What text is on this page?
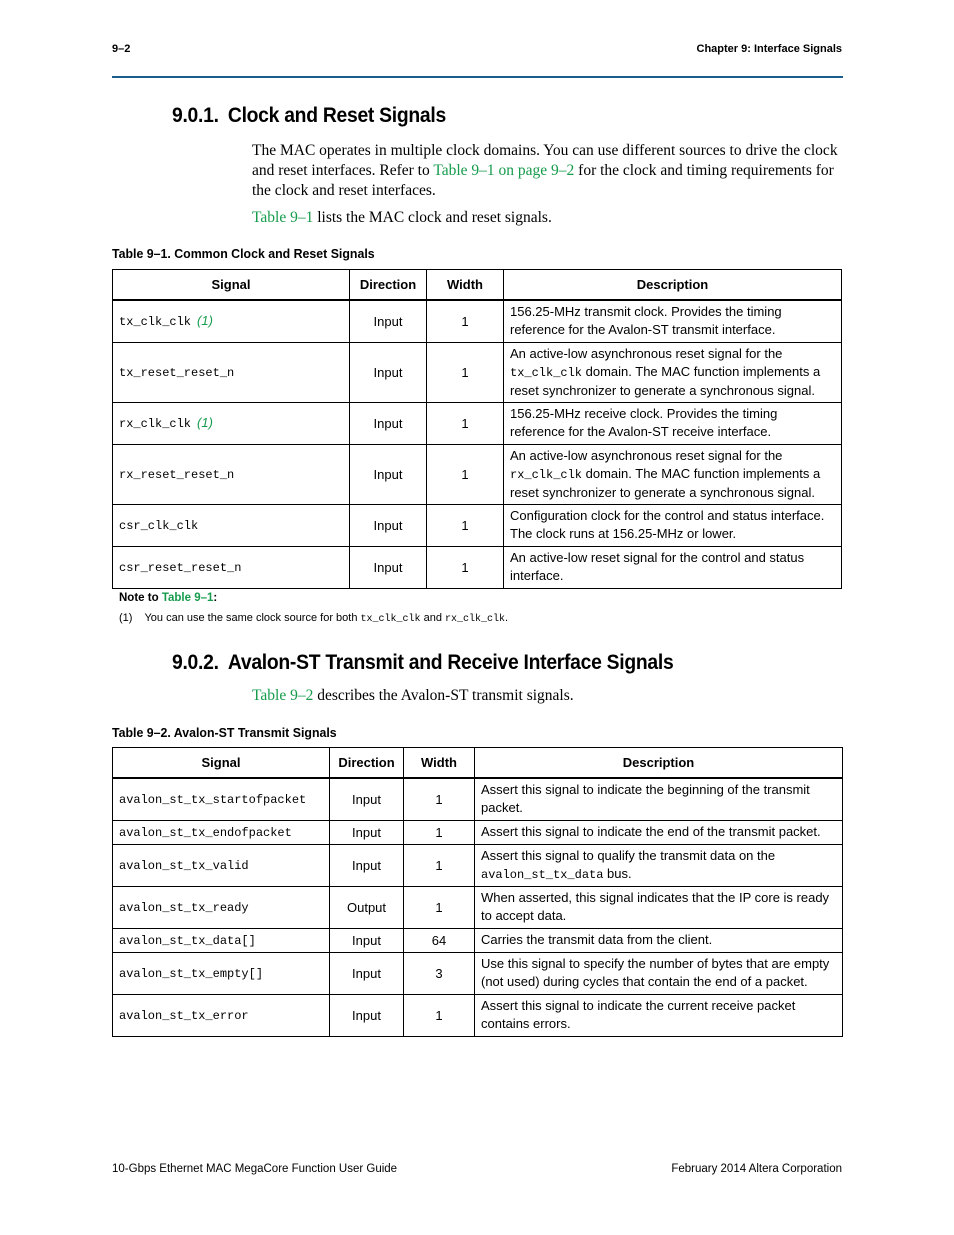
9–2	Chapter 9: Interface Signals
9.0.1. Clock and Reset Signals
The MAC operates in multiple clock domains. You can use different sources to drive the clock and reset interfaces. Refer to Table 9–1 on page 9–2 for the clock and timing requirements for the clock and reset interfaces.
Table 9–1 lists the MAC clock and reset signals.
Table 9–1. Common Clock and Reset Signals
Signal	Direction	Width	Description
tx_clk_clk (1)	Input	1	156.25-MHz transmit clock. Provides the timing reference for the Avalon-ST transmit interface.
tx_reset_reset_n	Input	1	An active-low asynchronous reset signal for the tx_clk_clk domain. The MAC function implements a reset synchronizer to generate a synchronous signal.
rx_clk_clk (1)	Input	1	156.25-MHz receive clock. Provides the timing reference for the Avalon-ST receive interface.
rx_reset_reset_n	Input	1	An active-low asynchronous reset signal for the rx_clk_clk domain. The MAC function implements a reset synchronizer to generate a synchronous signal.
csr_clk_clk	Input	1	Configuration clock for the control and status interface. The clock runs at 156.25-MHz or lower.
csr_reset_reset_n	Input	1	An active-low reset signal for the control and status interface.
Note to Table 9–1:
(1) You can use the same clock source for both tx_clk_clk and rx_clk_clk.
9.0.2. Avalon-ST Transmit and Receive Interface Signals
Table 9–2 describes the Avalon-ST transmit signals.
Table 9–2. Avalon-ST Transmit Signals
Signal	Direction	Width	Description
avalon_st_tx_startofpacket	Input	1	Assert this signal to indicate the beginning of the transmit packet.
avalon_st_tx_endofpacket	Input	1	Assert this signal to indicate the end of the transmit packet.
avalon_st_tx_valid	Input	1	Assert this signal to qualify the transmit data on the avalon_st_tx_data bus.
avalon_st_tx_ready	Output	1	When asserted, this signal indicates that the IP core is ready to accept data.
avalon_st_tx_data[]	Input	64	Carries the transmit data from the client.
avalon_st_tx_empty[]	Input	3	Use this signal to specify the number of bytes that are empty (not used) during cycles that contain the end of a packet.
avalon_st_tx_error	Input	1	Assert this signal to indicate the current receive packet contains errors.
10-Gbps Ethernet MAC MegaCore Function User Guide	February 2014 Altera Corporation
